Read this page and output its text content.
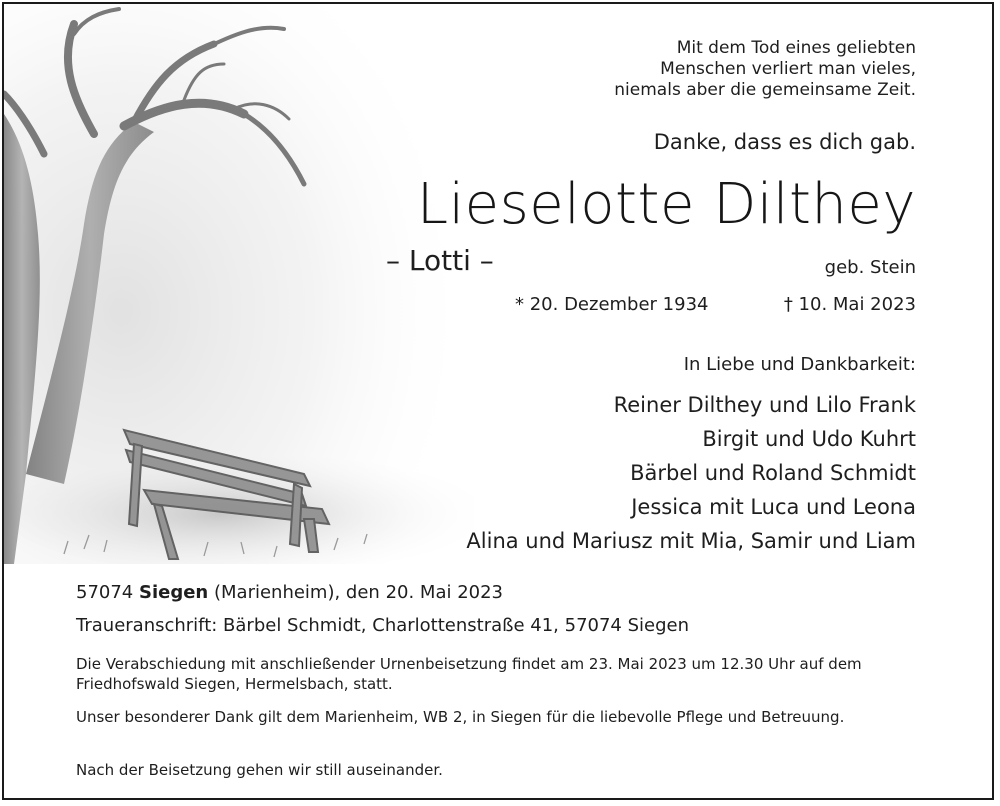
Mit dem Tod eines geliebten
Menschen verliert man vieles,
niemals aber die gemeinsame Zeit.
Danke, dass es dich gab.
Lieselotte Dilthey
– Lotti –	geb. Stein
* 20. Dezember 1934	† 10. Mai 2023
In Liebe und Dankbarkeit:
Reiner Dilthey und Lilo Frank
Birgit und Udo Kuhrt
Bärbel und Roland Schmidt
Jessica mit Luca und Leona
Alina und Mariusz mit Mia, Samir und Liam
57074 Siegen (Marienheim), den 20. Mai 2023
Traueranschrift: Bärbel Schmidt, Charlottenstraße 41, 57074 Siegen
Die Verabschiedung mit anschließender Urnenbeisetzung findet am 23. Mai 2023 um 12.30 Uhr auf dem Friedhofswald Siegen, Hermelsbach, statt.
Unser besonderer Dank gilt dem Marienheim, WB 2, in Siegen für die liebevolle Pflege und Betreuung.
Nach der Beisetzung gehen wir still auseinander.
